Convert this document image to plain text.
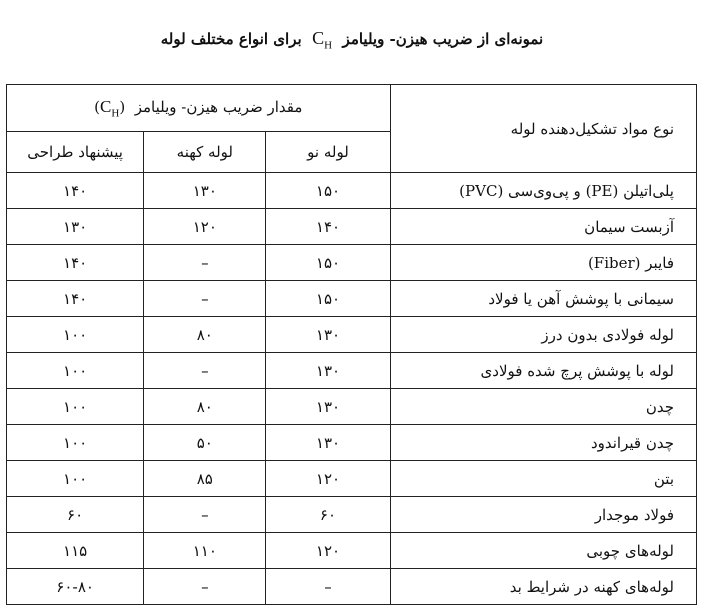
نمونه‌ای از ضریب هیزن- ویلیامز  $C_H$  برای انواع مختلف لوله
نوع مواد تشکیل‌دهنده لوله	مقدار ضریب هیزن- ویلیامز  $(C_H)$		
	لوله نو	لوله کهنه	پیشنهاد طراحی
پلی‌اتیلن (PE) و پی‌وی‌سی (PVC)	۱۵۰	۱۳۰	۱۴۰
آزبست سیمان	۱۴۰	۱۲۰	۱۳۰
فایبر (Fiber)	۱۵۰	–	۱۴۰
سیمانی با پوشش آهن یا فولاد	۱۵۰	–	۱۴۰
لوله فولادی بدون درز	۱۳۰	۸۰	۱۰۰
لوله با پوشش پرچ شده فولادی	۱۳۰	–	۱۰۰
چدن	۱۳۰	۸۰	۱۰۰
چدن قیراندود	۱۳۰	۵۰	۱۰۰
بتن	۱۲۰	۸۵	۱۰۰
فولاد موجدار	۶۰	–	۶۰
لوله‌های چوبی	۱۲۰	۱۱۰	۱۱۵
لوله‌های کهنه در شرایط بد	–	–	۶۰-۸۰
